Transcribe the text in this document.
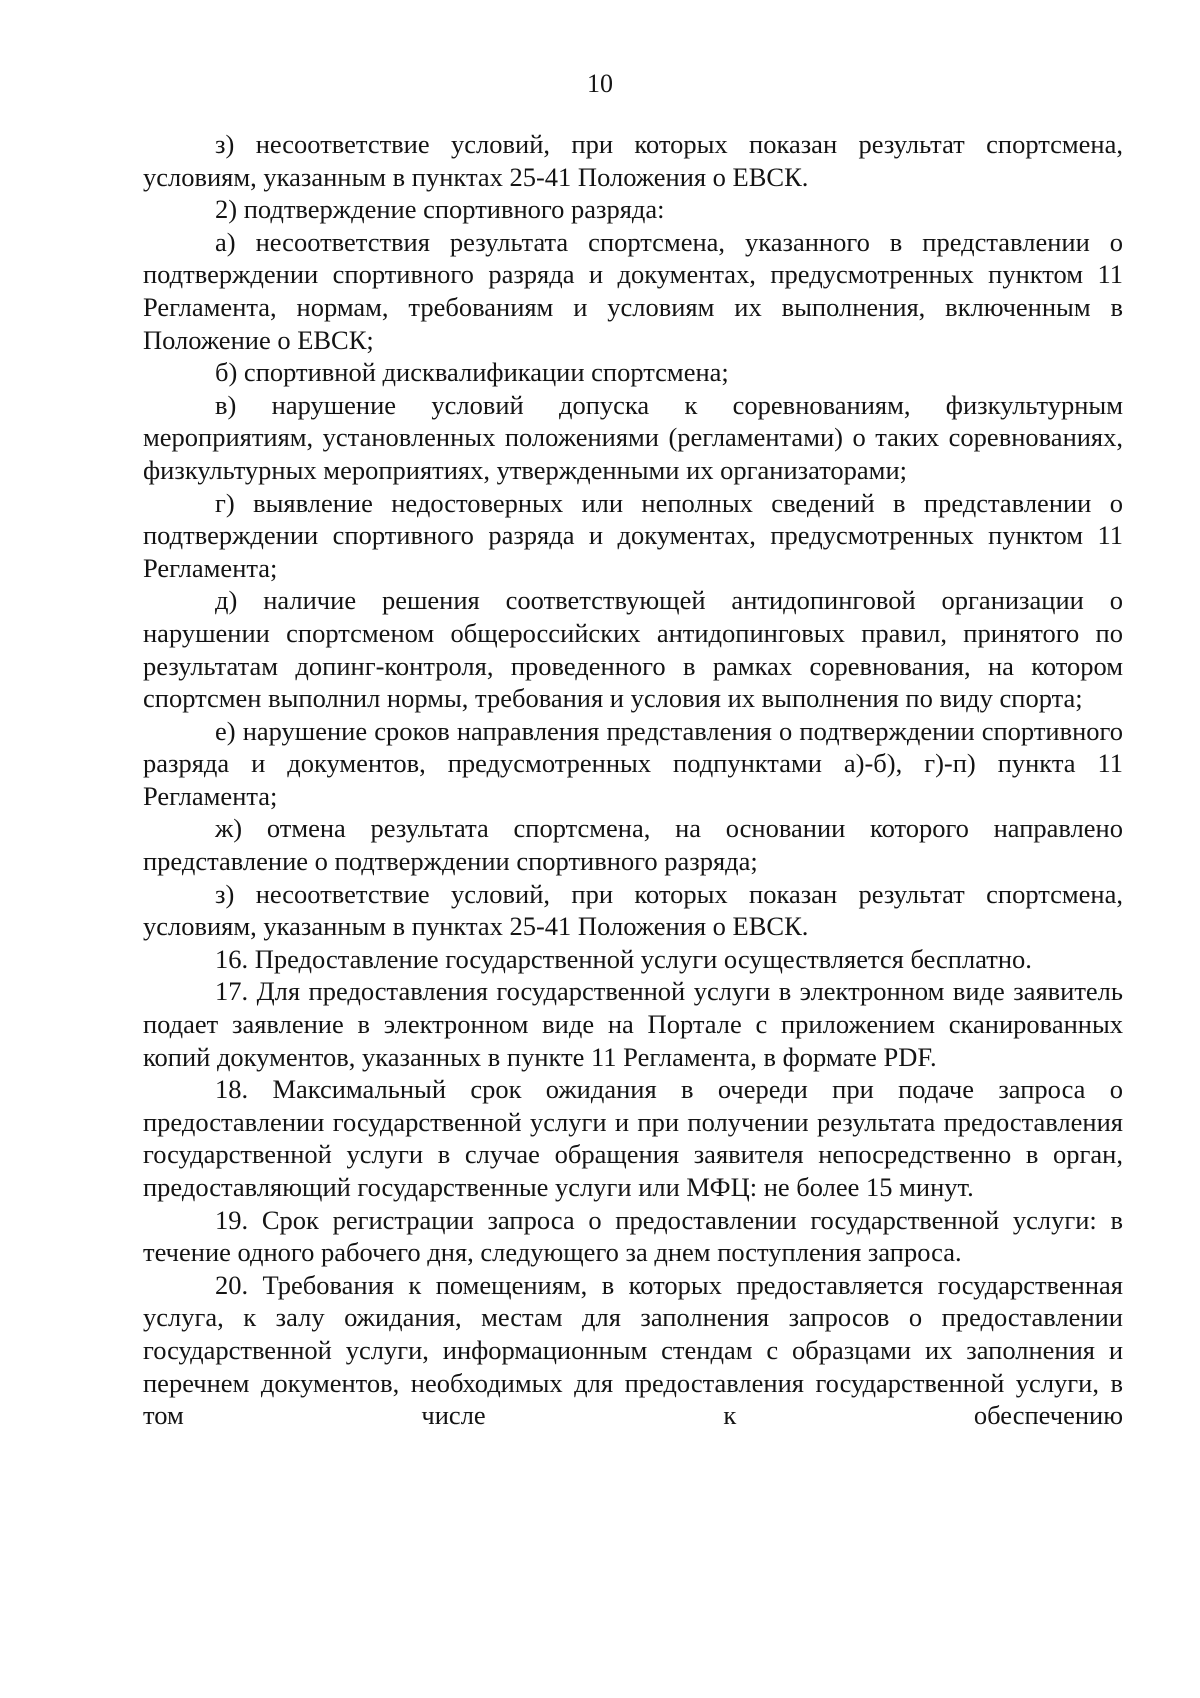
10

з) несоответствие условий, при которых показан результат спортсмена, условиям, указанным в пунктах 25-41 Положения о ЕВСК.

2) подтверждение спортивного разряда:

а) несоответствия результата спортсмена, указанного в представлении о подтверждении спортивного разряда и документах, предусмотренных пунктом 11 Регламента, нормам, требованиям и условиям их выполнения, включенным в Положение о ЕВСК;

б) спортивной дисквалификации спортсмена;

в) нарушение условий допуска к соревнованиям, физкультурным мероприятиям, установленных положениями (регламентами) о таких соревнованиях, физкультурных мероприятиях, утвержденными их организаторами;

г) выявление недостоверных или неполных сведений в представлении о подтверждении спортивного разряда и документах, предусмотренных пунктом 11 Регламента;

д) наличие решения соответствующей антидопинговой организации о нарушении спортсменом общероссийских антидопинговых правил, принятого по результатам допинг-контроля, проведенного в рамках соревнования, на котором спортсмен выполнил нормы, требования и условия их выполнения по виду спорта;

е) нарушение сроков направления представления о подтверждении спортивного разряда и документов, предусмотренных подпунктами а)-б), г)-п) пункта 11 Регламента;

ж) отмена результата спортсмена, на основании которого направлено представление о подтверждении спортивного разряда;

з) несоответствие условий, при которых показан результат спортсмена, условиям, указанным в пунктах 25-41 Положения о ЕВСК.

16. Предоставление государственной услуги осуществляется бесплатно.

17. Для предоставления государственной услуги в электронном виде заявитель подает заявление в электронном виде на Портале с приложением сканированных копий документов, указанных в пункте 11 Регламента, в формате PDF.

18. Максимальный срок ожидания в очереди при подаче запроса о предоставлении государственной услуги и при получении результата предоставления государственной услуги в случае обращения заявителя непосредственно в орган, предоставляющий государственные услуги или МФЦ: не более 15 минут.

19. Срок регистрации запроса о предоставлении государственной услуги: в течение одного рабочего дня, следующего за днем поступления запроса.

20. Требования к помещениям, в которых предоставляется государственная услуга, к залу ожидания, местам для заполнения запросов о предоставлении государственной услуги, информационным стендам с образцами их заполнения и перечнем документов, необходимых для предоставления государственной услуги, в том числе к обеспечению
